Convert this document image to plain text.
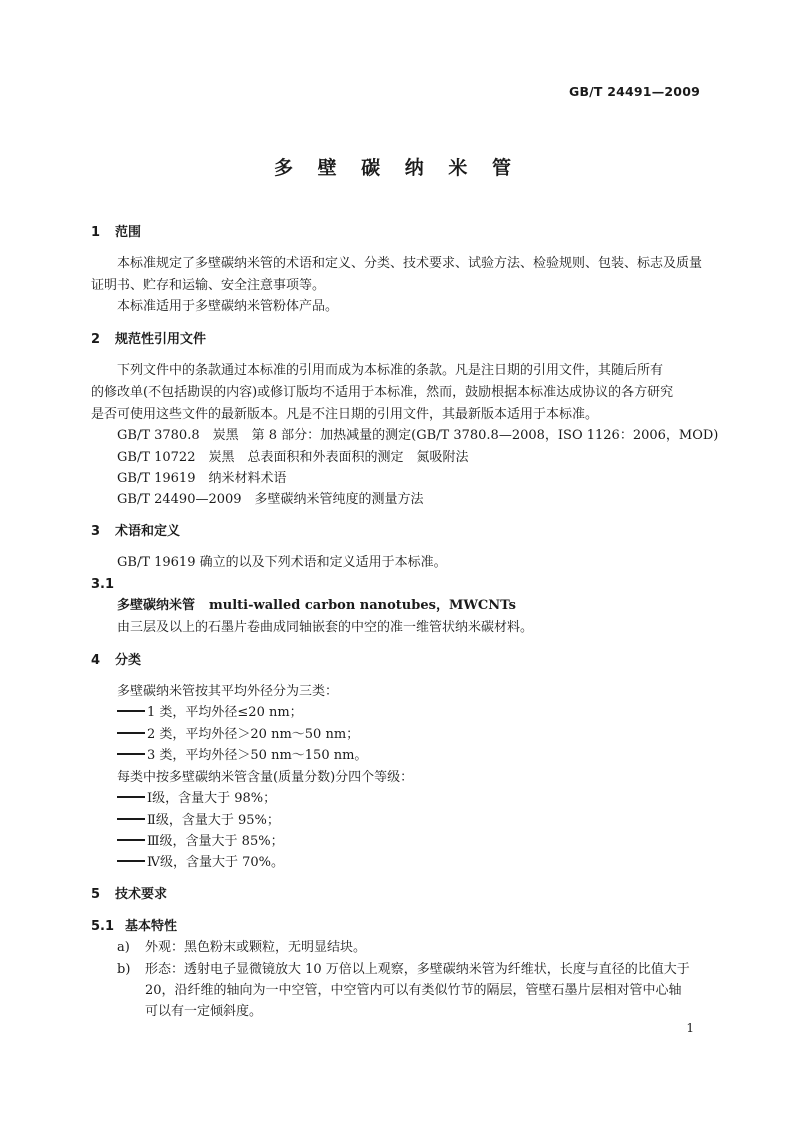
GB/T 24491—2009
多 壁 碳 纳 米 管
1 范围
本标准规定了多壁碳纳米管的术语和定义、分类、技术要求、试验方法、检验规则、包装、标志及质量
证明书、贮存和运输、安全注意事项等。
本标准适用于多壁碳纳米管粉体产品。
2 规范性引用文件
下列文件中的条款通过本标准的引用而成为本标准的条款。凡是注日期的引用文件，其随后所有
的修改单(不包括勘误的内容)或修订版均不适用于本标准，然而，鼓励根据本标准达成协议的各方研究
是否可使用这些文件的最新版本。凡是不注日期的引用文件，其最新版本适用于本标准。
GB/T 3780.8　炭黑　第 8 部分：加热减量的测定(GB/T 3780.8—2008，ISO 1126：2006，MOD)
GB/T 10722　炭黑　总表面积和外表面积的测定　氮吸附法
GB/T 19619　纳米材料术语
GB/T 24490—2009　多壁碳纳米管纯度的测量方法
3 术语和定义
GB/T 19619 确立的以及下列术语和定义适用于本标准。
3.1
多壁碳纳米管 multi-walled carbon nanotubes，MWCNTs
由三层及以上的石墨片卷曲成同轴嵌套的中空的准一维管状纳米碳材料。
4 分类
多壁碳纳米管按其平均外径分为三类：
1 类，平均外径≤20 nm；
2 类，平均外径＞20 nm～50 nm；
3 类，平均外径＞50 nm～150 nm。
每类中按多壁碳纳米管含量(质量分数)分四个等级：
Ⅰ级，含量大于 98%；
Ⅱ级，含量大于 95%；
Ⅲ级，含量大于 85%；
Ⅳ级，含量大于 70%。
5 技术要求
5.1 基本特性
a) 外观：黑色粉末或颗粒，无明显结块。
b) 形态：透射电子显微镜放大 10 万倍以上观察，多壁碳纳米管为纤维状，长度与直径的比值大于
20，沿纤维的轴向为一中空管，中空管内可以有类似竹节的隔层，管壁石墨片层相对管中心轴
可以有一定倾斜度。
1
